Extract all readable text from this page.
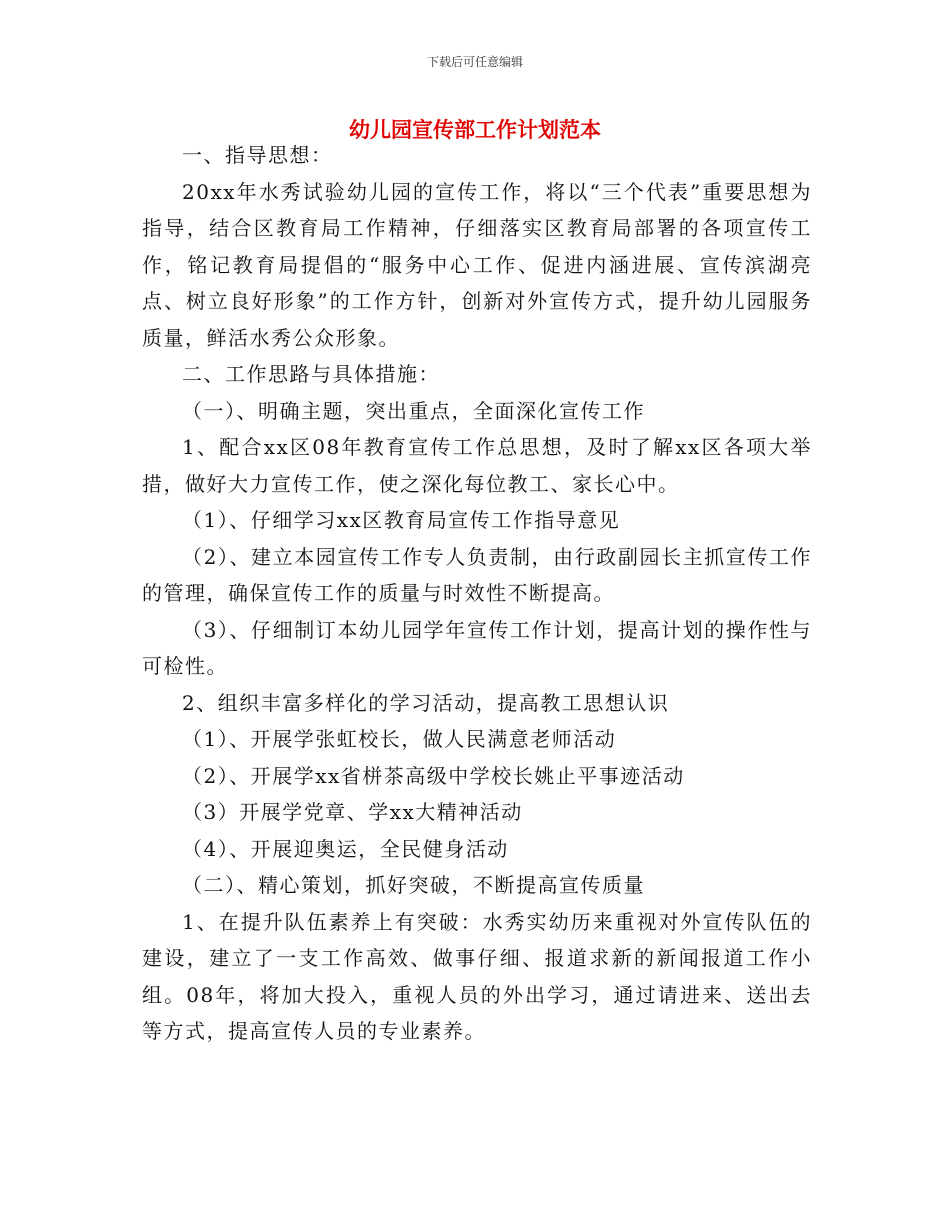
下载后可任意编辑
幼儿园宣传部工作计划范本

一、指导思想：

20xx年水秀试验幼儿园的宣传工作，将以“三个代表”重要思想为指导，结合区教育局工作精神，仔细落实区教育局部署的各项宣传工作，铭记教育局提倡的“服务中心工作、促进内涵进展、宣传滨湖亮点、树立良好形象”的工作方针，创新对外宣传方式，提升幼儿园服务质量，鲜活水秀公众形象。

二、工作思路与具体措施：

（一）、明确主题，突出重点，全面深化宣传工作

1、配合xx区08年教育宣传工作总思想，及时了解xx区各项大举措，做好大力宣传工作，使之深化每位教工、家长心中。

（1）、仔细学习xx区教育局宣传工作指导意见

（2）、建立本园宣传工作专人负责制，由行政副园长主抓宣传工作的管理，确保宣传工作的质量与时效性不断提高。

（3）、仔细制订本幼儿园学年宣传工作计划，提高计划的操作性与可检性。

2、组织丰富多样化的学习活动，提高教工思想认识

（1）、开展学张虹校长，做人民满意老师活动

（2）、开展学xx省栟茶高级中学校长姚止平事迹活动

（3）开展学党章、学xx大精神活动

（4）、开展迎奥运，全民健身活动

（二）、精心策划，抓好突破，不断提高宣传质量

1、在提升队伍素养上有突破：水秀实幼历来重视对外宣传队伍的建设，建立了一支工作高效、做事仔细、报道求新的新闻报道工作小组。08年，将加大投入，重视人员的外出学习，通过请进来、送出去等方式，提高宣传人员的专业素养。
